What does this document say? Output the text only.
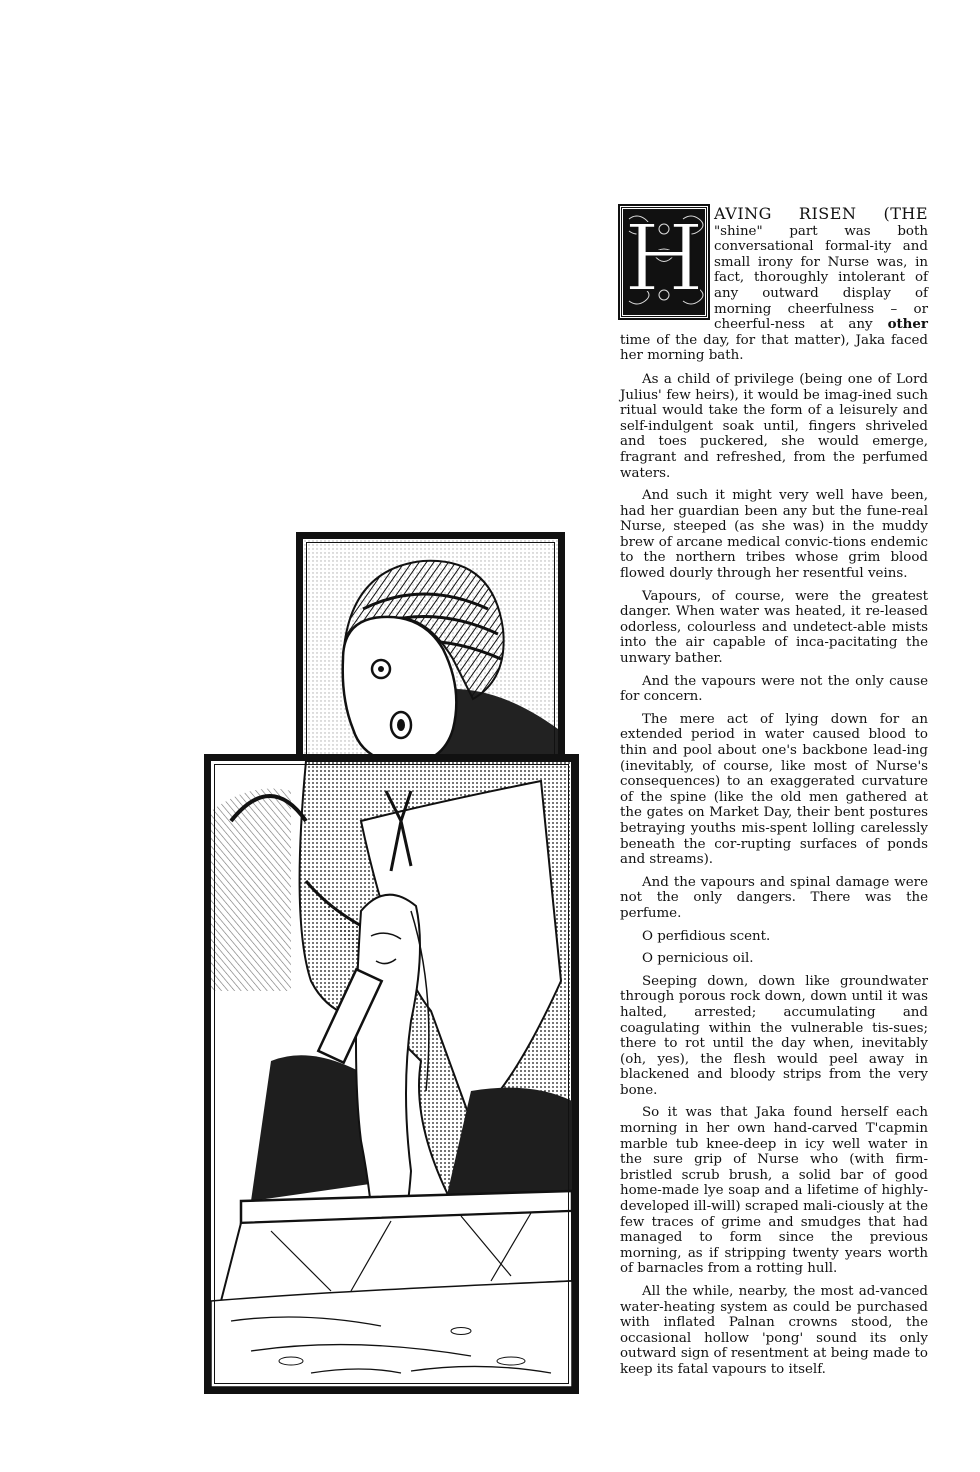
H AVING RISEN (THE "shine" part was both conversational formal-ity and small irony for Nurse was, in fact, thoroughly intolerant of any outward display of morning cheerfulness – or cheerful-ness at any other time of the day, for that matter), Jaka faced her morning bath.

As a child of privilege (being one of Lord Julius' few heirs), it would be imag-ined such ritual would take the form of a leisurely and self-indulgent soak until, fingers shriveled and toes puckered, she would emerge, fragrant and refreshed, from the perfumed waters.

And such it might very well have been, had her guardian been any but the fune-real Nurse, steeped (as she was) in the muddy brew of arcane medical convic-tions endemic to the northern tribes whose grim blood flowed dourly through her resentful veins.

Vapours, of course, were the greatest danger. When water was heated, it re-leased odorless, colourless and undetect-able mists into the air capable of inca-pacitating the unwary bather.

And the vapours were not the only cause for concern.

The mere act of lying down for an extended period in water caused blood to thin and pool about one's backbone lead-ing (inevitably, of course, like most of Nurse's consequences) to an exaggerated curvature of the spine (like the old men gathered at the gates on Market Day, their bent postures betraying youths mis-spent lolling carelessly beneath the cor-rupting surfaces of ponds and streams).

And the vapours and spinal damage were not the only dangers. There was the perfume.

O perfidious scent.

O pernicious oil.

Seeping down, down like groundwater through porous rock down, down until it was halted, arrested; accumulating and coagulating within the vulnerable tis-sues; there to rot until the day when, inevitably (oh, yes), the flesh would peel away in blackened and bloody strips from the very bone.

So it was that Jaka found herself each morning in her own hand-carved T'capmin marble tub knee-deep in icy well water in the sure grip of Nurse who (with firm-bristled scrub brush, a solid bar of good home-made lye soap and a lifetime of highly-developed ill-will) scraped mali-ciously at the few traces of grime and smudges that had managed to form since the previous morning, as if stripping twenty years worth of barnacles from a rotting hull.

All the while, nearby, the most ad-vanced water-heating system as could be purchased with inflated Palnan crowns stood, the occasional hollow 'pong' sound its only outward sign of resentment at being made to keep its fatal vapours to itself.
